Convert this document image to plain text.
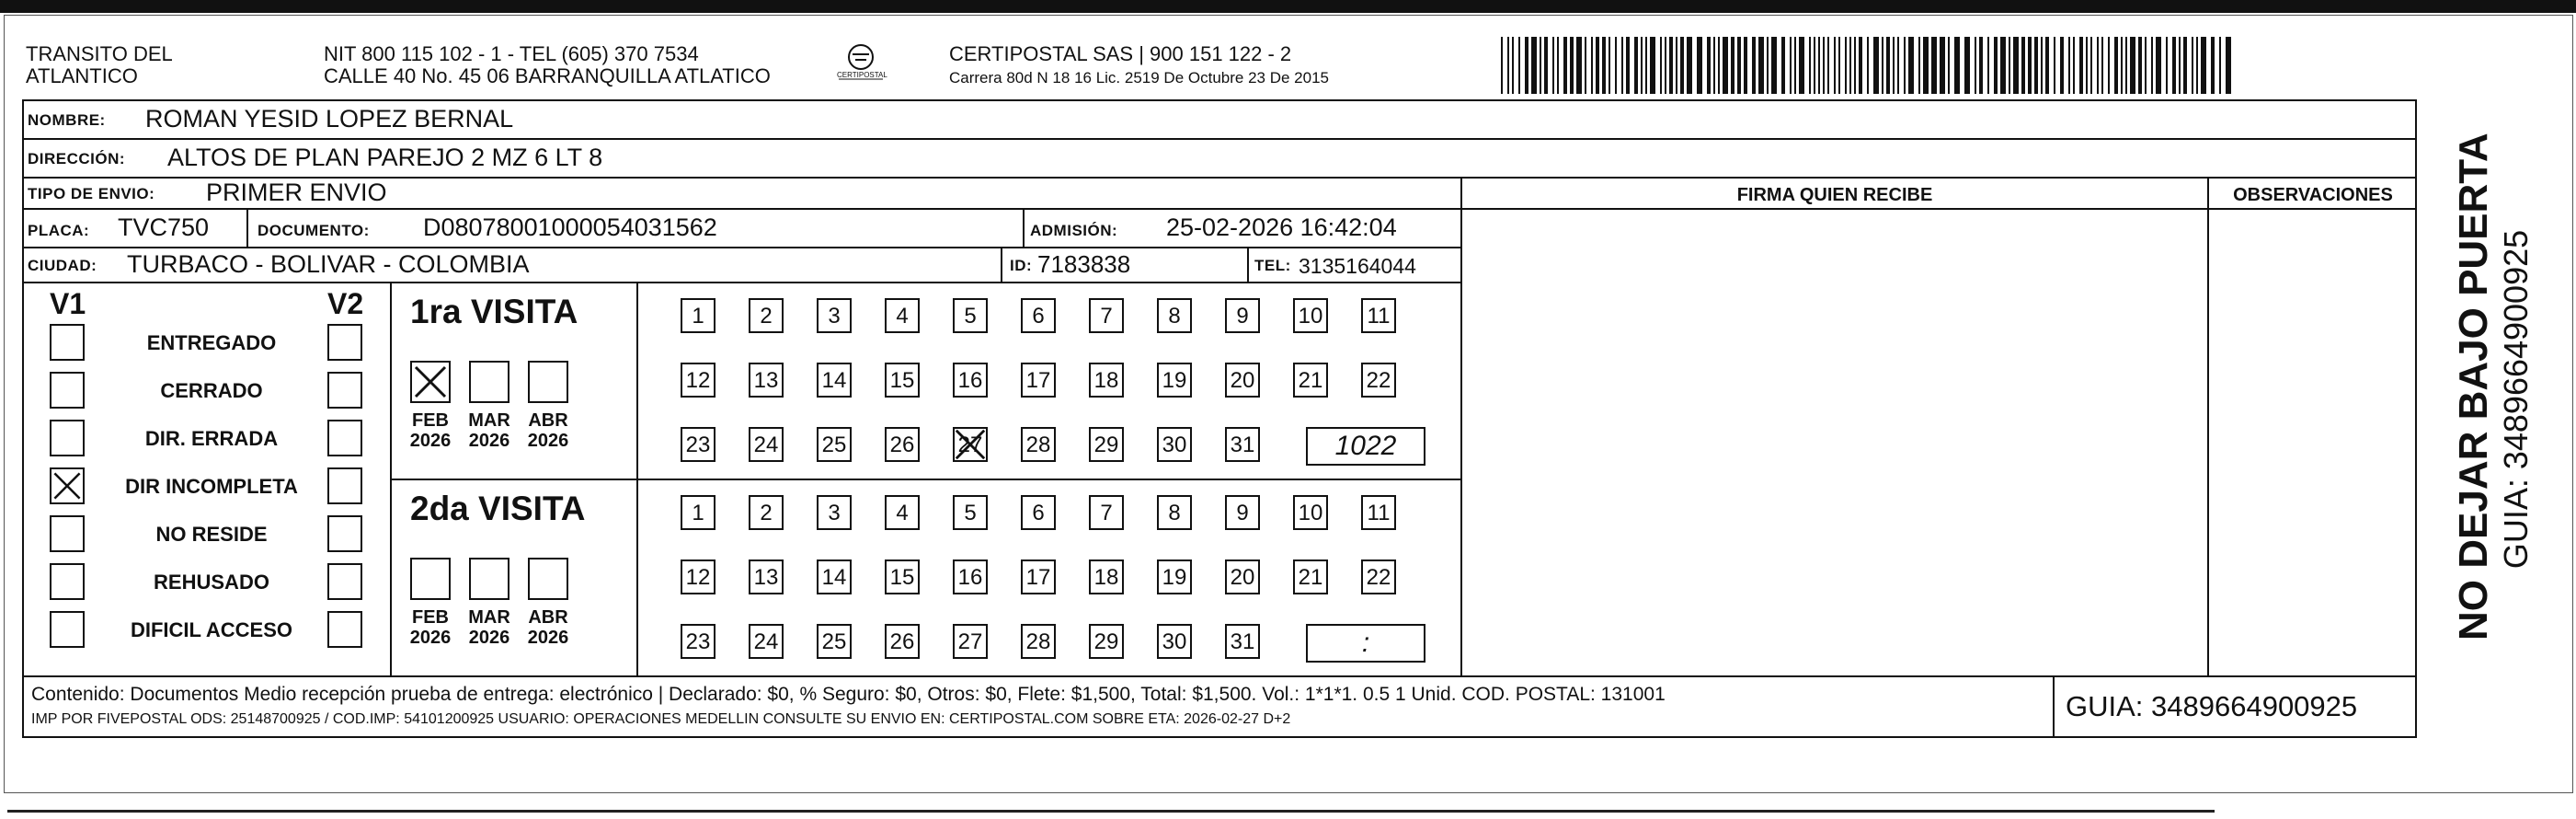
TRANSITO DEL
ATLANTICO
NIT 800 115 102 - 1 - TEL (605) 370 7534
CALLE 40 No. 45 06 BARRANQUILLA ATLATICO	CERTIPOSTAL
CERTIPOSTAL SAS | 900 151 122 - 2
Carrera 80d N 18 16 Lic. 2519 De Octubre 23 De 2015
NOMBRE: ROMAN YESID LOPEZ BERNAL
DIRECCIÓN: ALTOS DE PLAN PAREJO 2 MZ 6 LT 8
TIPO DE ENVIO: PRIMER ENVIO	FIRMA QUIEN RECIBE	OBSERVACIONES
PLACA: TVC750	DOCUMENTO: D08078001000054031562	ADMISIÓN: 25-02-2026 16:42:04
CIUDAD: TURBACO - BOLIVAR - COLOMBIA	ID: 7183838	TEL: 3135164044
V1	V2
ENTREGADO
CERRADO
DIR. ERRADA
DIR INCOMPLETA
NO RESIDE
REHUSADO
DIFICIL ACCESO
1ra VISITA
FEB
2026
MAR
2026
ABR
2026
1	2	3	4	5	6	7	8	9	10 11
12 13 14 15 16 17 18 19 20 21 22
23 24 25 26 27 28 29 30 31	1022
2da VISITA
FEB
2026
MAR
2026
ABR
2026
1	2	3	4	5	6	7	8	9	10 11
12 13 14 15 16 17 18 19 20 21 22
23 24 25 26 27 28 29 30 31	:
Contenido: Documentos Medio recepción prueba de entrega: electrónico | Declarado: $0, % Seguro: $0, Otros: $0, Flete: $1,500, Total: $1,500. Vol.: 1*1*1. 0.5 1 Unid. COD. POSTAL: 131001
IMP POR FIVEPOSTAL ODS: 25148700925 / COD.IMP: 54101200925 USUARIO: OPERACIONES MEDELLIN CONSULTE SU ENVIO EN: CERTIPOSTAL.COM SOBRE ETA: 2026-02-27 D+2	GUIA: 3489664900925
NO DEJAR BAJO PUERTA GUIA: 3489664900925
